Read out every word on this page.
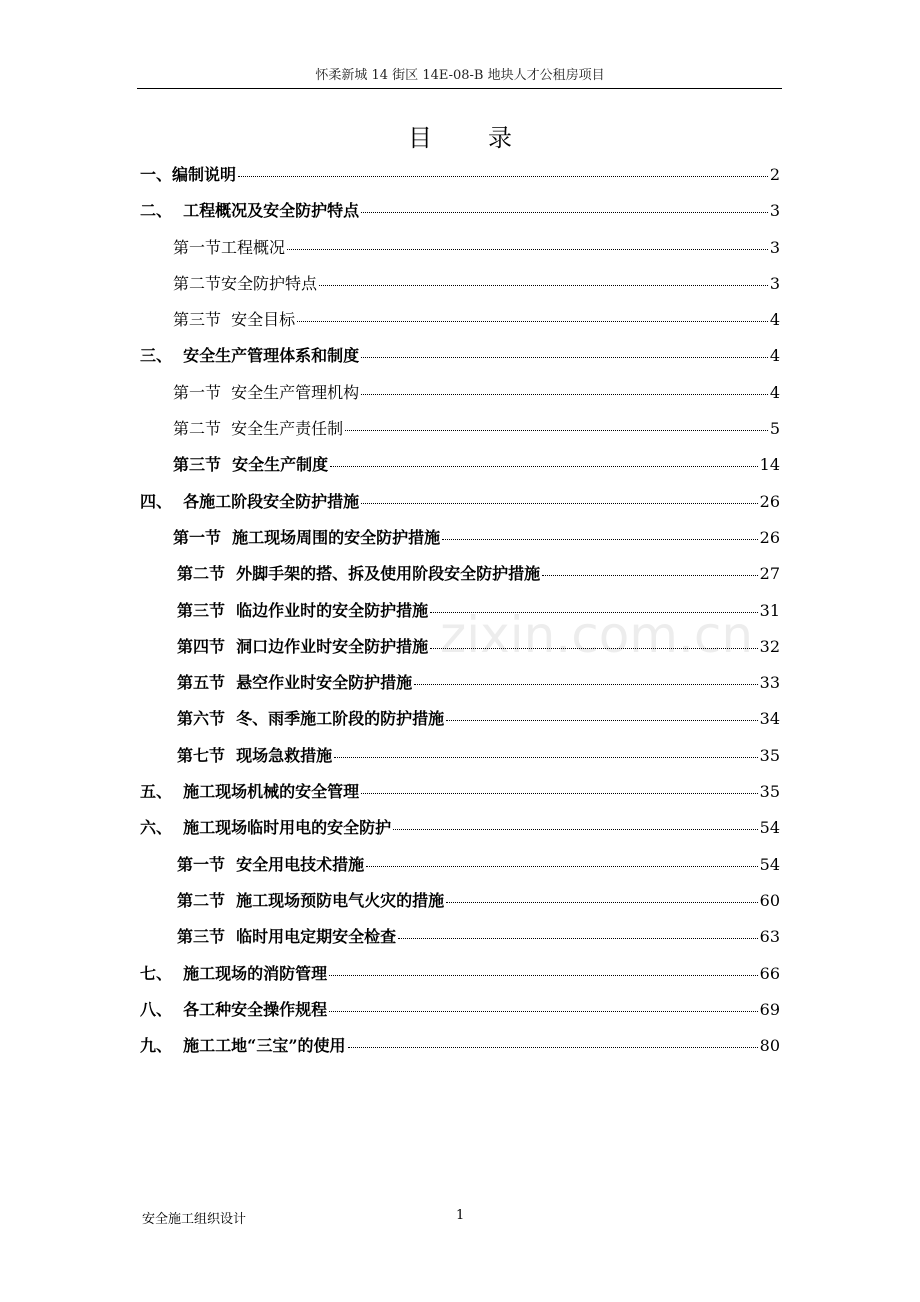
怀柔新城 14 街区 14E-08-B 地块人才公租房项目
目录
一、编制说明	2
二、  工程概况及安全防护特点	3
第一节工程概况	3
第二节安全防护特点	3
第三节  安全目标	4
三、  安全生产管理体系和制度	4
第一节  安全生产管理机构	4
第二节  安全生产责任制	5
第三节  安全生产制度	14
四、  各施工阶段安全防护措施	26
第一节  施工现场周围的安全防护措施	26
第二节  外脚手架的搭、拆及使用阶段安全防护措施	27
第三节  临边作业时的安全防护措施	31
第四节  洞口边作业时安全防护措施	32
第五节  悬空作业时安全防护措施	33
第六节  冬、雨季施工阶段的防护措施	34
第七节  现场急救措施	35
五、  施工现场机械的安全管理	35
六、  施工现场临时用电的安全防护	54
第一节  安全用电技术措施	54
第二节  施工现场预防电气火灾的措施	60
第三节  临时用电定期安全检查	63
七、  施工现场的消防管理	66
八、  各工种安全操作规程	69
九、  施工工地“三宝”的使用	80
zixin.com.cn
安全施工组织设计	1
